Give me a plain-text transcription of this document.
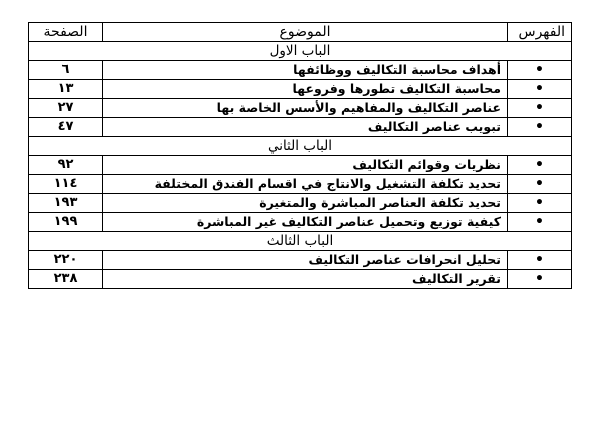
الفهرس	الموضوع	الصفحة
الباب الاول		
•	أهداف محاسبة التكاليف ووظائفها	٦
•	محاسبة التكاليف تطورها وفروعها	١٣
•	عناصر التكاليف والمفاهيم والأسس الخاصة بها	٢٧
•	تبويب عناصر التكاليف	٤٧
الباب الثاني		
•	نظريات وقوائم التكاليف	٩٢
•	تحديد تكلفة التشغيل والانتاج في اقسام الفندق المختلفة	١١٤
•	تحديد تكلفة العناصر المباشرة والمتغيرة	١٩٣
•	كيفية توزيع وتحميل عناصر التكاليف غير المباشرة	١٩٩
الباب الثالث		
•	تحليل انحرافات عناصر التكاليف	٢٢٠
•	تقرير التكاليف	٢٣٨
